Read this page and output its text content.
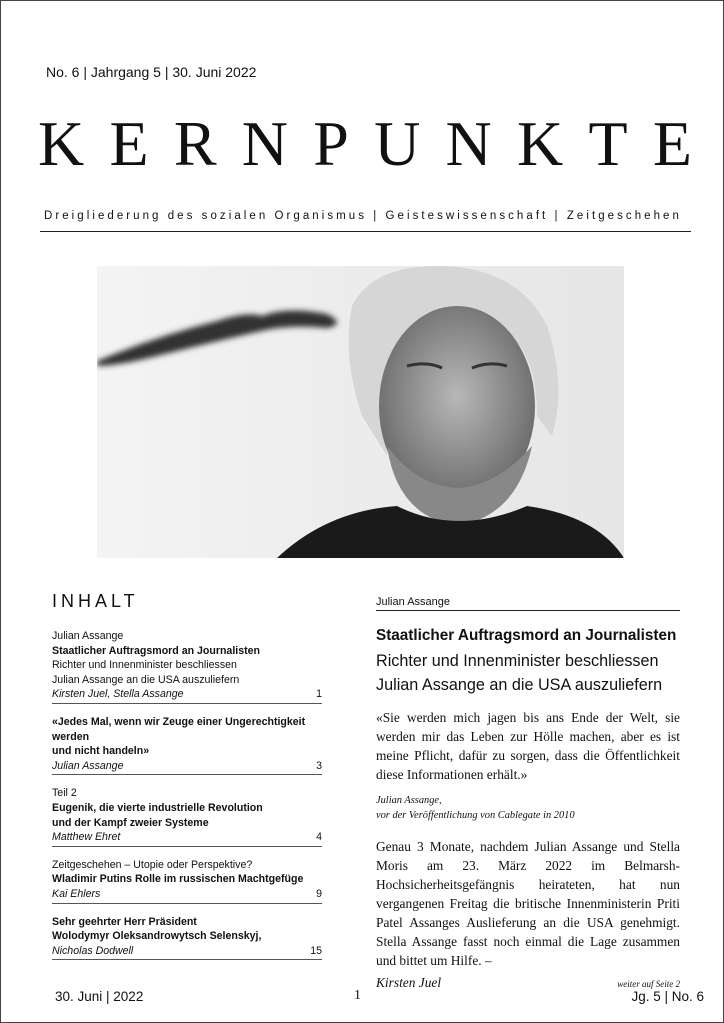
No. 6 | Jahrgang 5 | 30. Juni 2022
K E R N P U N K T E
Dreigliederung des sozialen Organismus | Geisteswissenschaft | Zeitgeschehen
INHALT
Julian Assange
Staatlicher Auftragsmord an Journalisten
Richter und Innenminister beschliessen
Julian Assange an die USA auszuliefern
Kirsten Juel, Stella Assange	1
«Jedes Mal, wenn wir Zeuge einer Ungerechtigkeit werden
und nicht handeln»
Julian Assange	3
Teil 2
Eugenik, die vierte industrielle Revolution
und der Kampf zweier Systeme
Matthew Ehret	4
Zeitgeschehen – Utopie oder Perspektive?
Wladimir Putins Rolle im russischen Machtgefüge
Kai Ehlers	9
Sehr geehrter Herr Präsident
Wolodymyr Oleksandrowytsch Selenskyj,
Nicholas Dodwell	15
Julian Assange
Staatlicher Auftragsmord an Journalisten
Richter und Innenminister beschliessen
Julian Assange an die USA auszuliefern
«Sie werden mich jagen bis ans Ende der Welt, sie werden mir das Leben zur Hölle machen, aber es ist meine Pflicht, dafür zu sorgen, dass die Öffentlichkeit diese Informationen erhält.»
Julian Assange,
vor der Veröffentlichung von Cablegate in 2010
Genau 3 Monate, nachdem Julian Assange und Stella Moris am 23. März 2022 im Belmarsh-Hochsicherheitsgefängnis heirateten, hat nun vergangenen Freitag die britische Innenministerin Priti Patel Assanges Auslieferung an die USA genehmigt. Stella Assange fasst noch einmal die Lage zusammen und bittet um Hilfe. –
Kirsten Juel	weiter auf Seite 2
30. Juni | 2022	1	Jg. 5 | No. 6
